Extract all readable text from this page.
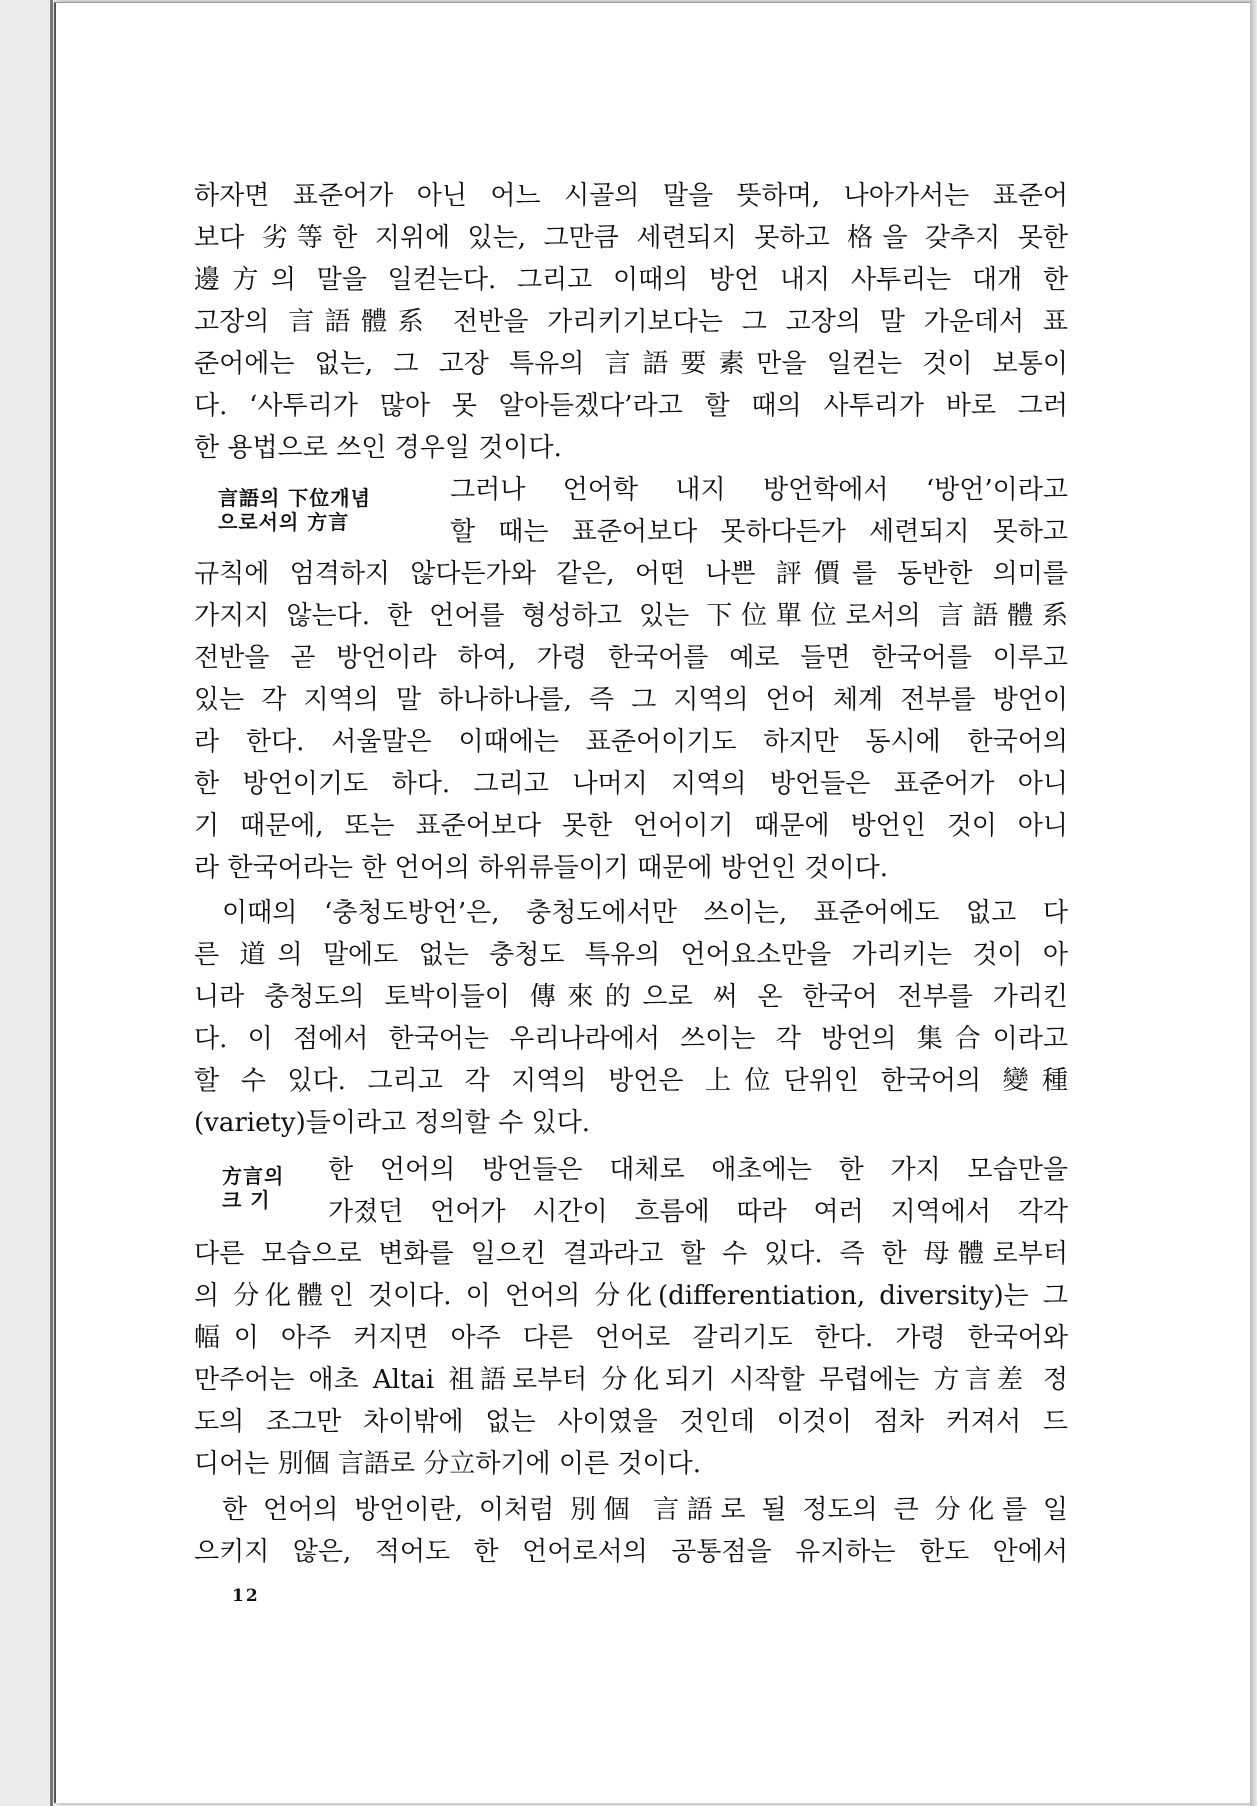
하자면 표준어가 아닌 어느 시골의 말을 뜻하며, 나아가서는 표준어
보다 劣等한 지위에 있는, 그만큼 세련되지 못하고 格을 갖추지 못한
邊方의 말을 일컫는다. 그리고 이때의 방언 내지 사투리는 대개 한
고장의 言語體系 전반을 가리키기보다는 그 고장의 말 가운데서 표
준어에는 없는, 그 고장 특유의 言語要素만을 일컫는 것이 보통이
다. ‘사투리가 많아 못 알아듣겠다’라고 할 때의 사투리가 바로 그러
한 용법으로 쓰인 경우일 것이다.
言語의 下位개념
으로서의 方言
그러나 언어학 내지 방언학에서 ‘방언’이라고
할 때는 표준어보다 못하다든가 세련되지 못하고
규칙에 엄격하지 않다든가와 같은, 어떤 나쁜 評價를 동반한 의미를
가지지 않는다. 한 언어를 형성하고 있는 下位單位로서의 言語體系
전반을 곧 방언이라 하여, 가령 한국어를 예로 들면 한국어를 이루고
있는 각 지역의 말 하나하나를, 즉 그 지역의 언어 체계 전부를 방언이
라 한다. 서울말은 이때에는 표준어이기도 하지만 동시에 한국어의
한 방언이기도 하다. 그리고 나머지 지역의 방언들은 표준어가 아니
기 때문에, 또는 표준어보다 못한 언어이기 때문에 방언인 것이 아니
라 한국어라는 한 언어의 하위류들이기 때문에 방언인 것이다.
이때의 ‘충청도방언’은, 충청도에서만 쓰이는, 표준어에도 없고 다
른 道의 말에도 없는 충청도 특유의 언어요소만을 가리키는 것이 아
니라 충청도의 토박이들이 傳來的으로 써 온 한국어 전부를 가리킨
다. 이 점에서 한국어는 우리나라에서 쓰이는 각 방언의 集合이라고
할 수 있다. 그리고 각 지역의 방언은 上位단위인 한국어의 變種
(variety)들이라고 정의할 수 있다.
方言의
크 기
한 언어의 방언들은 대체로 애초에는 한 가지 모습만을
가졌던 언어가 시간이 흐름에 따라 여러 지역에서 각각
다른 모습으로 변화를 일으킨 결과라고 할 수 있다. 즉 한 母體로부터
의 分化體인 것이다. 이 언어의 分化(differentiation, diversity)는 그
幅이 아주 커지면 아주 다른 언어로 갈리기도 한다. 가령 한국어와
만주어는 애초 Altai 祖語로부터 分化되기 시작할 무렵에는 方言差 정
도의 조그만 차이밖에 없는 사이였을 것인데 이것이 점차 커져서 드
디어는 別個 言語로 分立하기에 이른 것이다.
한 언어의 방언이란, 이처럼 別個 言語로 될 정도의 큰 分化를 일
으키지 않은, 적어도 한 언어로서의 공통점을 유지하는 한도 안에서
12
